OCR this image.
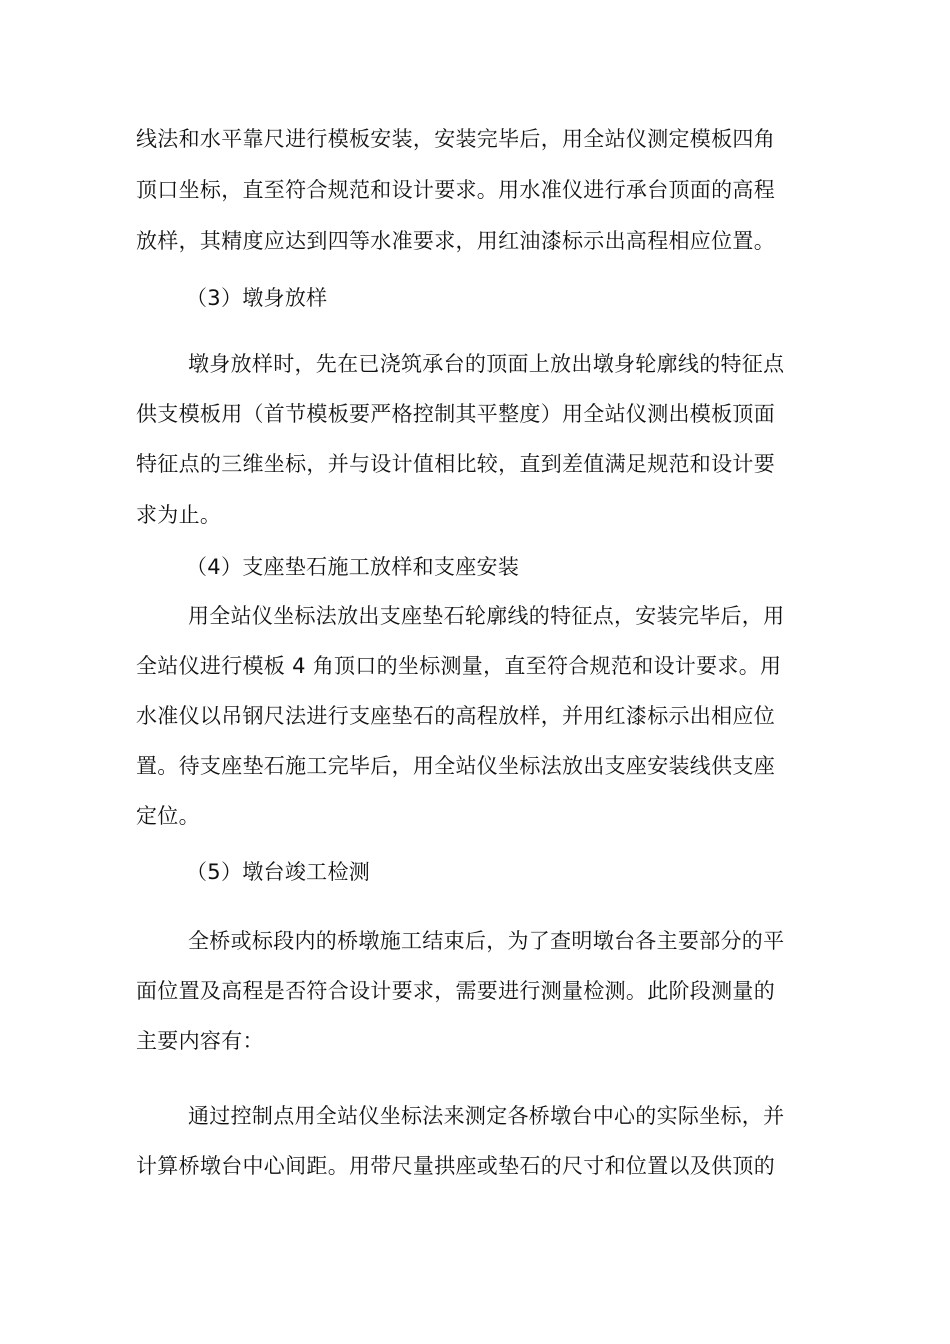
线法和水平靠尺进行模板安装，安装完毕后，用全站仪测定模板四角
顶口坐标，直至符合规范和设计要求。用水准仪进行承台顶面的高程
放样，其精度应达到四等水准要求，用红油漆标示出高程相应位置。
（3）墩身放样
墩身放样时，先在已浇筑承台的顶面上放出墩身轮廓线的特征点
供支模板用（首节模板要严格控制其平整度）用全站仪测出模板顶面
特征点的三维坐标，并与设计值相比较，直到差值满足规范和设计要
求为止。
（4）支座垫石施工放样和支座安装
用全站仪坐标法放出支座垫石轮廓线的特征点，安装完毕后，用
全站仪进行模板 4 角顶口的坐标测量，直至符合规范和设计要求。用
水准仪以吊钢尺法进行支座垫石的高程放样，并用红漆标示出相应位
置。待支座垫石施工完毕后，用全站仪坐标法放出支座安装线供支座
定位。
（5）墩台竣工检测
全桥或标段内的桥墩施工结束后，为了查明墩台各主要部分的平
面位置及高程是否符合设计要求，需要进行测量检测。此阶段测量的
主要内容有：
通过控制点用全站仪坐标法来测定各桥墩台中心的实际坐标，并
计算桥墩台中心间距。用带尺量拱座或垫石的尺寸和位置以及供顶的
